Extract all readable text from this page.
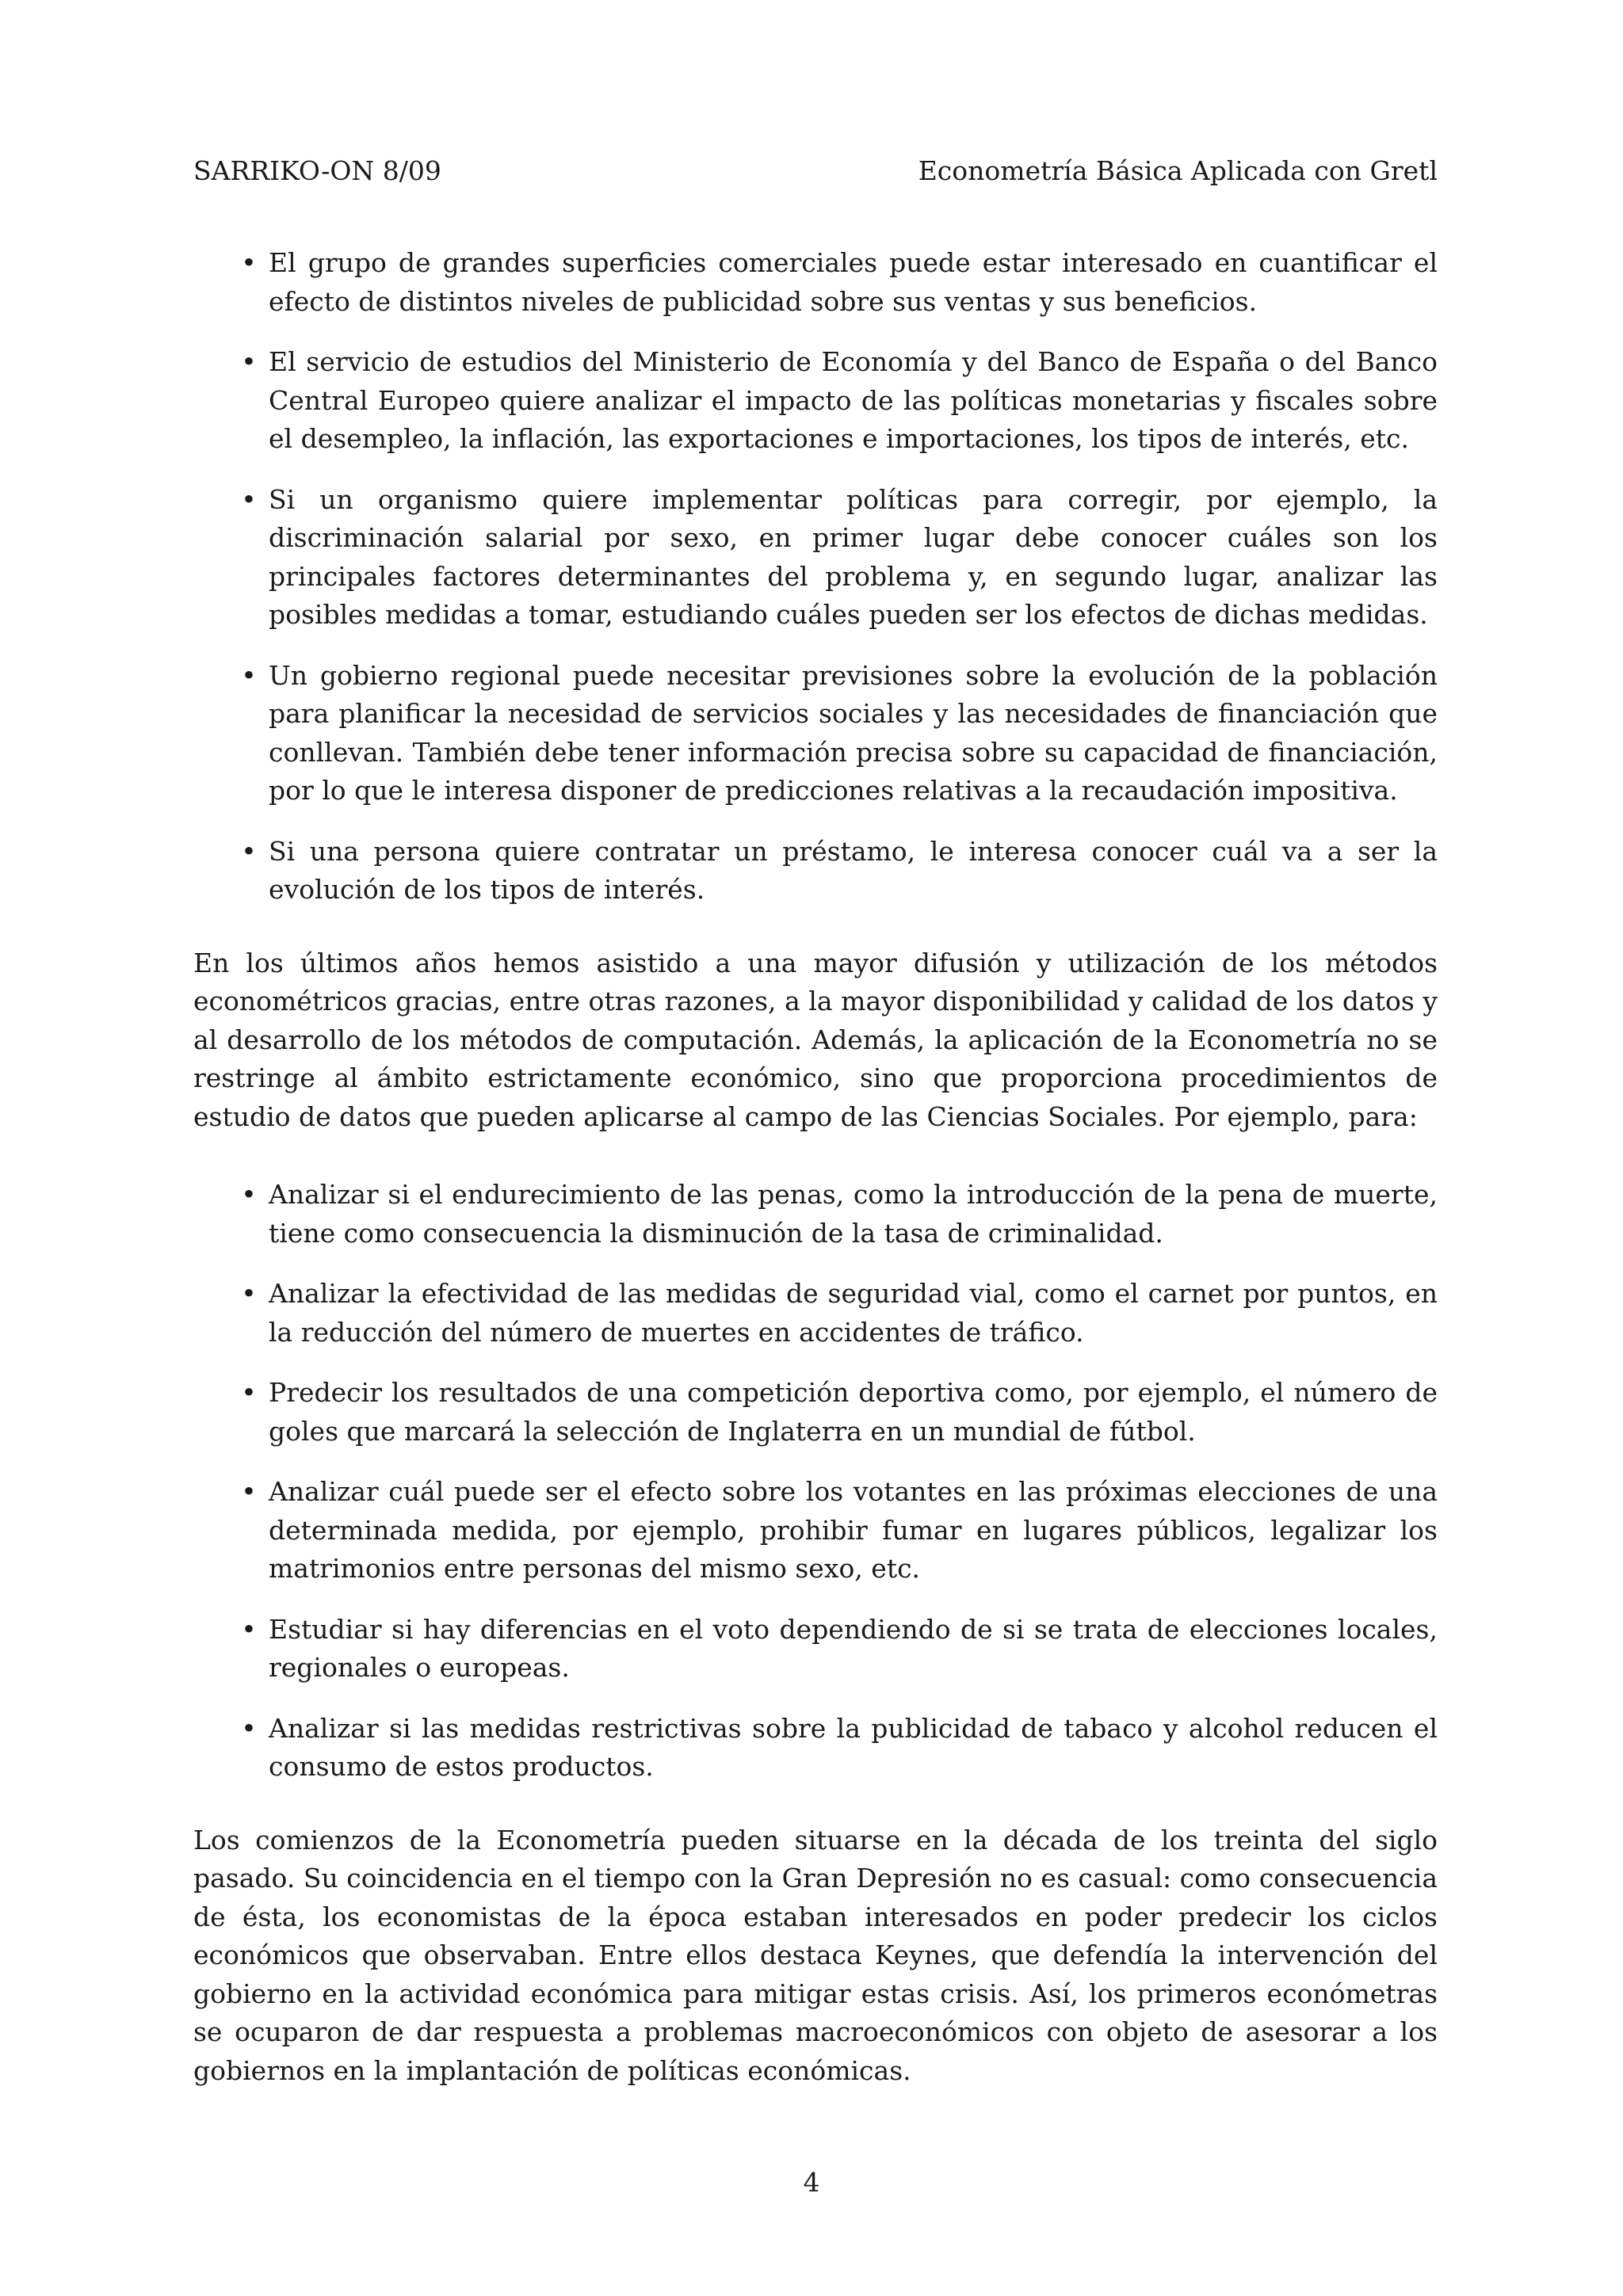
SARRIKO-ON 8/09	Econometría Básica Aplicada con Gretl
• El grupo de grandes superficies comerciales puede estar interesado en cuantificar el efecto de distintos niveles de publicidad sobre sus ventas y sus beneficios.
• El servicio de estudios del Ministerio de Economía y del Banco de España o del Banco Central Europeo quiere analizar el impacto de las políticas monetarias y fiscales sobre el desempleo, la inflación, las exportaciones e importaciones, los tipos de interés, etc.
• Si un organismo quiere implementar políticas para corregir, por ejemplo, la discriminación salarial por sexo, en primer lugar debe conocer cuáles son los principales factores determinantes del problema y, en segundo lugar, analizar las posibles medidas a tomar, estudiando cuáles pueden ser los efectos de dichas medidas.
• Un gobierno regional puede necesitar previsiones sobre la evolución de la población para planificar la necesidad de servicios sociales y las necesidades de financiación que conllevan. También debe tener información precisa sobre su capacidad de financiación, por lo que le interesa disponer de predicciones relativas a la recaudación impositiva.
• Si una persona quiere contratar un préstamo, le interesa conocer cuál va a ser la evolución de los tipos de interés.

En los últimos años hemos asistido a una mayor difusión y utilización de los métodos econométricos gracias, entre otras razones, a la mayor disponibilidad y calidad de los datos y al desarrollo de los métodos de computación. Además, la aplicación de la Econometría no se restringe al ámbito estrictamente económico, sino que proporciona procedimientos de estudio de datos que pueden aplicarse al campo de las Ciencias Sociales. Por ejemplo, para:

• Analizar si el endurecimiento de las penas, como la introducción de la pena de muerte, tiene como consecuencia la disminución de la tasa de criminalidad.
• Analizar la efectividad de las medidas de seguridad vial, como el carnet por puntos, en la reducción del número de muertes en accidentes de tráfico.
• Predecir los resultados de una competición deportiva como, por ejemplo, el número de goles que marcará la selección de Inglaterra en un mundial de fútbol.
• Analizar cuál puede ser el efecto sobre los votantes en las próximas elecciones de una determinada medida, por ejemplo, prohibir fumar en lugares públicos, legalizar los matrimonios entre personas del mismo sexo, etc.
• Estudiar si hay diferencias en el voto dependiendo de si se trata de elecciones locales, regionales o europeas.
• Analizar si las medidas restrictivas sobre la publicidad de tabaco y alcohol reducen el consumo de estos productos.

Los comienzos de la Econometría pueden situarse en la década de los treinta del siglo pasado. Su coincidencia en el tiempo con la Gran Depresión no es casual: como consecuencia de ésta, los economistas de la época estaban interesados en poder predecir los ciclos económicos que observaban. Entre ellos destaca Keynes, que defendía la intervención del gobierno en la actividad económica para mitigar estas crisis. Así, los primeros económetras se ocuparon de dar respuesta a problemas macroeconómicos con objeto de asesorar a los gobiernos en la implantación de políticas económicas.

4
